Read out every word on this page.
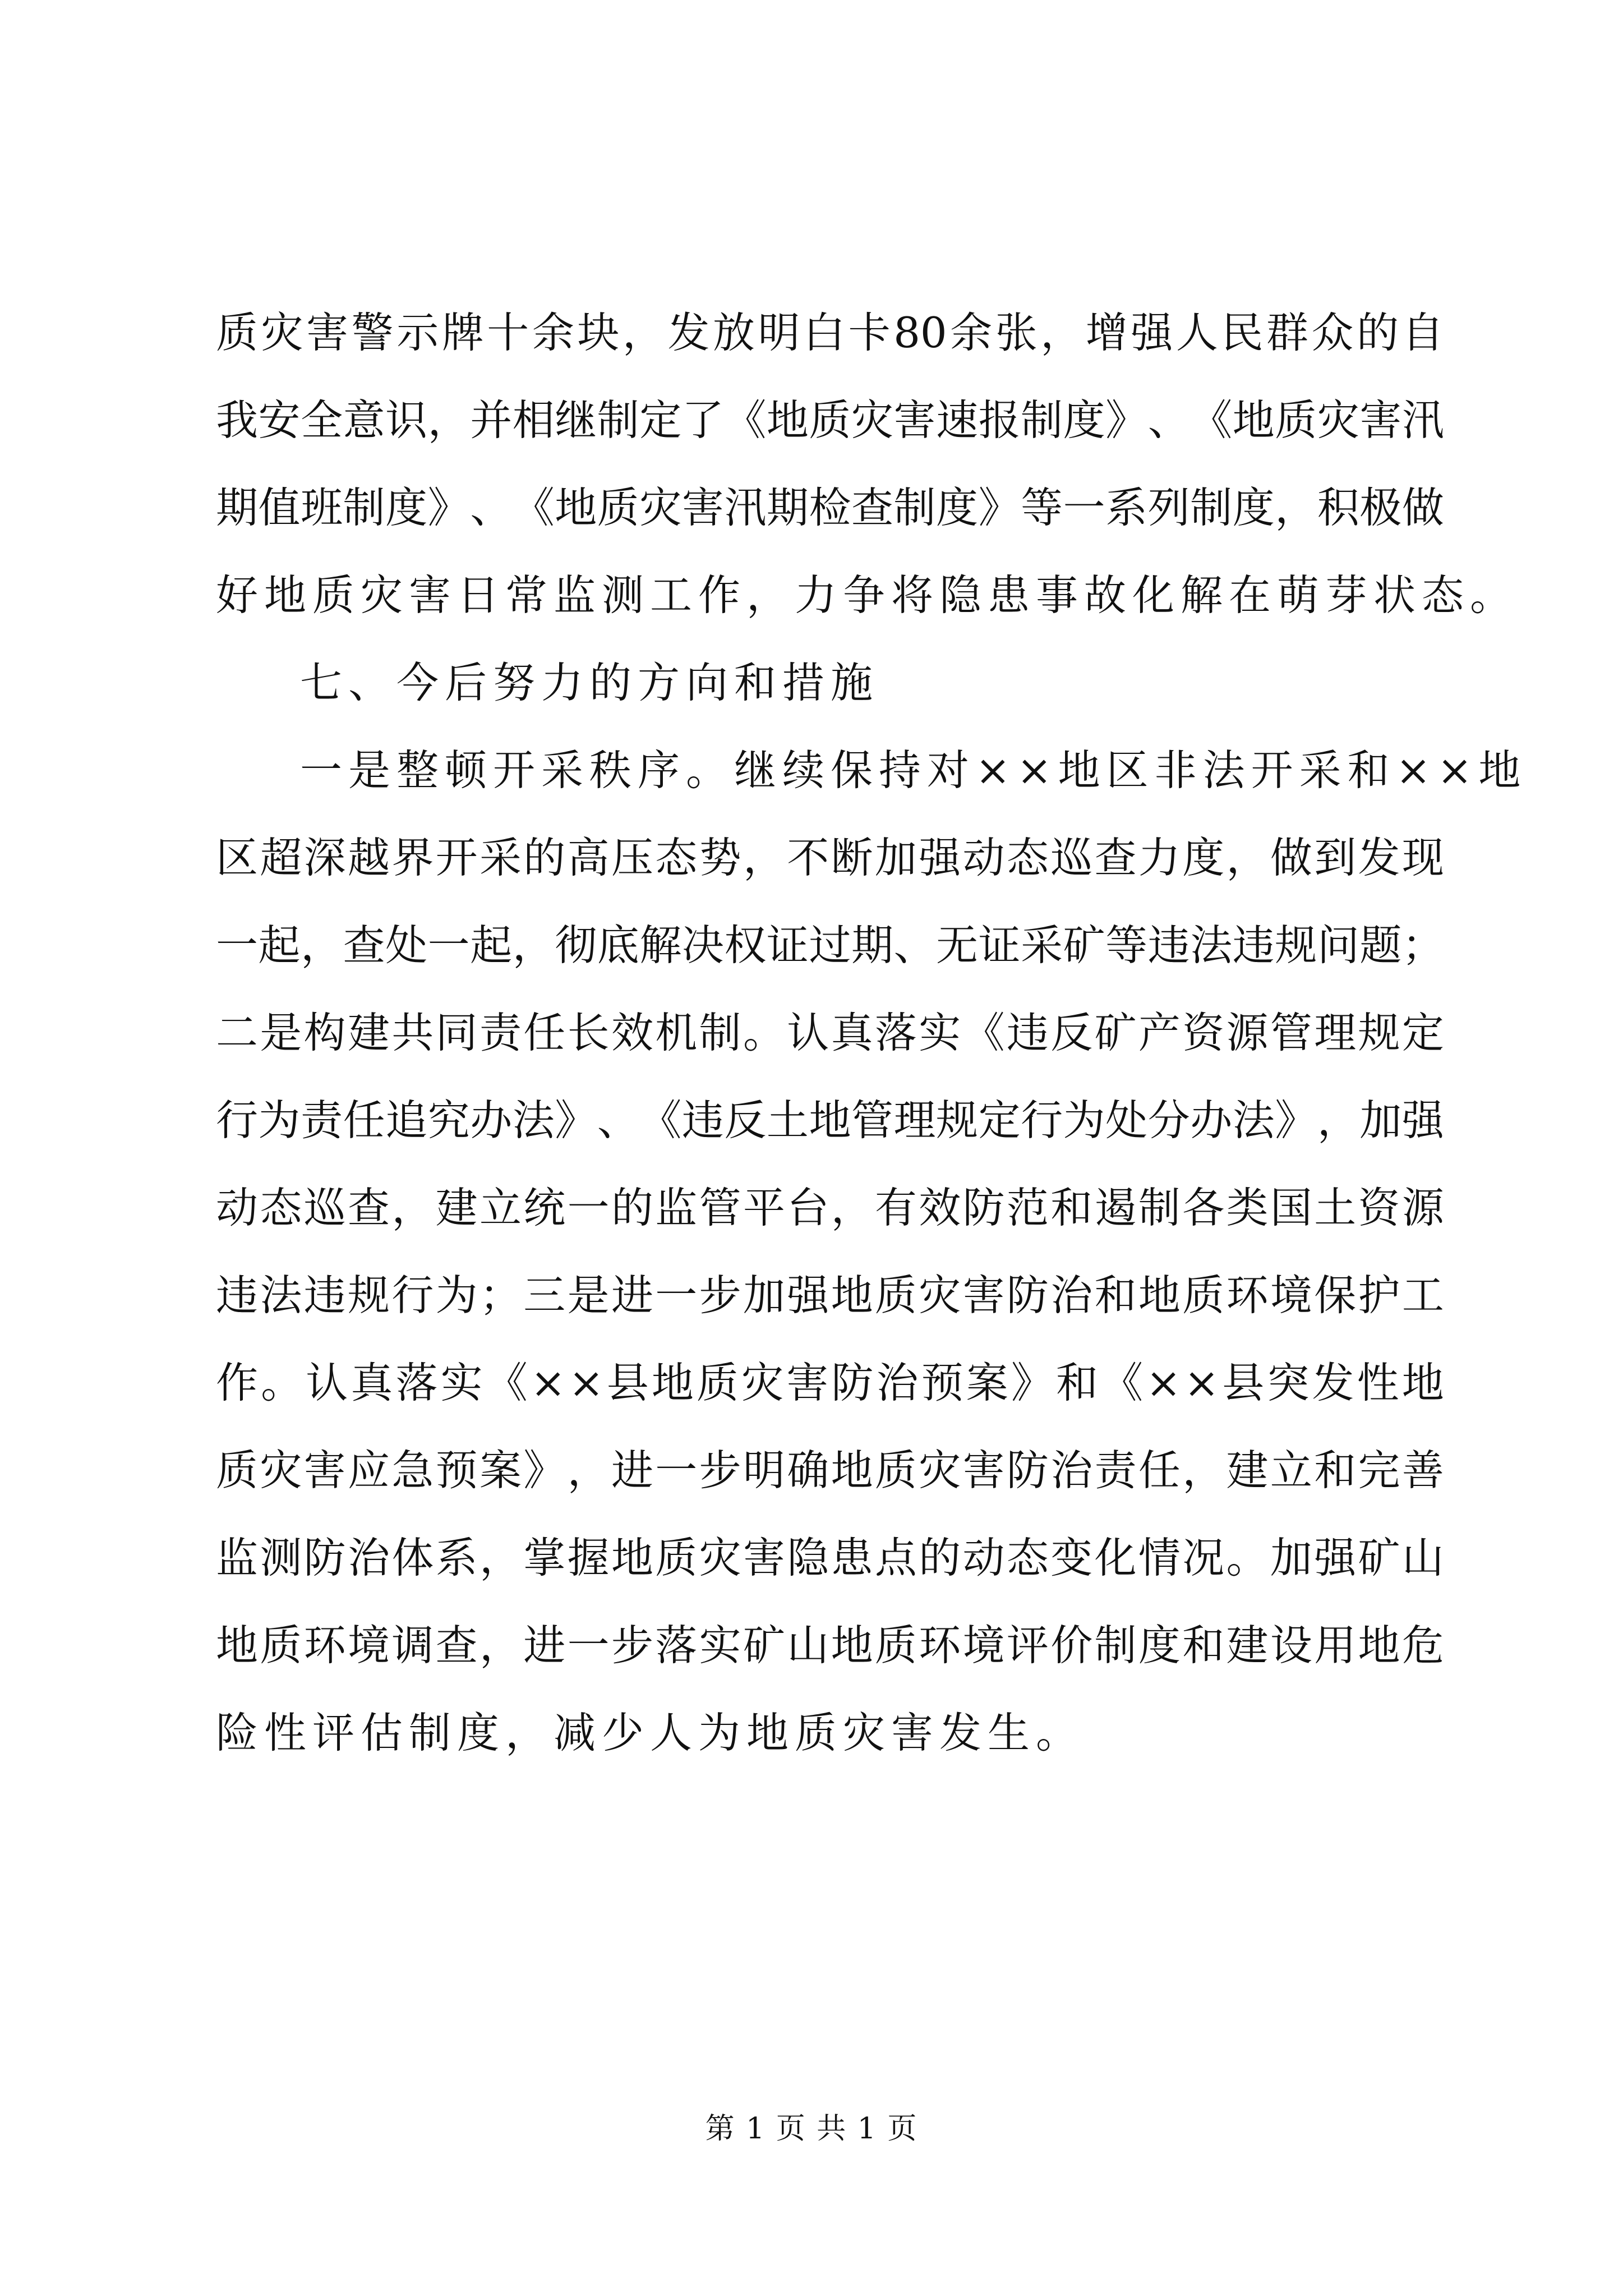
质 灾 害 警 示 牌 十 余 块 ， 发 放 明 白 卡 80 余 张 ， 增 强 人 民 群 众 的 自
我 安 全 意 识 ， 并 相 继 制 定 了 《 地 质 灾 害 速 报 制 度 》 、 《 地 质 灾 害 汛
期 值 班 制 度 》 、 《 地 质 灾 害 汛 期 检 查 制 度 》 等 一 系 列 制 度 ， 积 极 做
好地质灾害日常监测工作，力争将隐患事故化解在萌芽状态。
七、今后努力的方向和措施
一是整顿开采秩序。继续保持对××地区非法开采和××地
区 超 深 越 界 开 采 的 高 压 态 势 ， 不 断 加 强 动 态 巡 查 力 度 ， 做 到 发 现
一 起 ， 查 处 一 起 ， 彻 底 解 决 权 证 过 期 、 无 证 采 矿 等 违 法 违 规 问 题 ；
二 是 构 建 共 同 责 任 长 效 机 制 。 认 真 落 实 《 违 反 矿 产 资 源 管 理 规 定
行 为 责 任 追 究 办 法 》 、 《 违 反 土 地 管 理 规 定 行 为 处 分 办 法 》 ， 加 强
动 态 巡 查 ， 建 立 统 一 的 监 管 平 台 ， 有 效 防 范 和 遏 制 各 类 国 土 资 源
违 法 违 规 行 为 ； 三 是 进 一 步 加 强 地 质 灾 害 防 治 和 地 质 环 境 保 护 工
作 。 认 真 落 实 《 × × 县 地 质 灾 害 防 治 预 案 》 和 《 × × 县 突 发 性 地
质 灾 害 应 急 预 案 》 ， 进 一 步 明 确 地 质 灾 害 防 治 责 任 ， 建 立 和 完 善
监 测 防 治 体 系 ， 掌 握 地 质 灾 害 隐 患 点 的 动 态 变 化 情 况 。 加 强 矿 山
地 质 环 境 调 查 ， 进 一 步 落 实 矿 山 地 质 环 境 评 价 制 度 和 建 设 用 地 危
险性评估制度，减少人为地质灾害发生。
第 1 页 共 1 页
